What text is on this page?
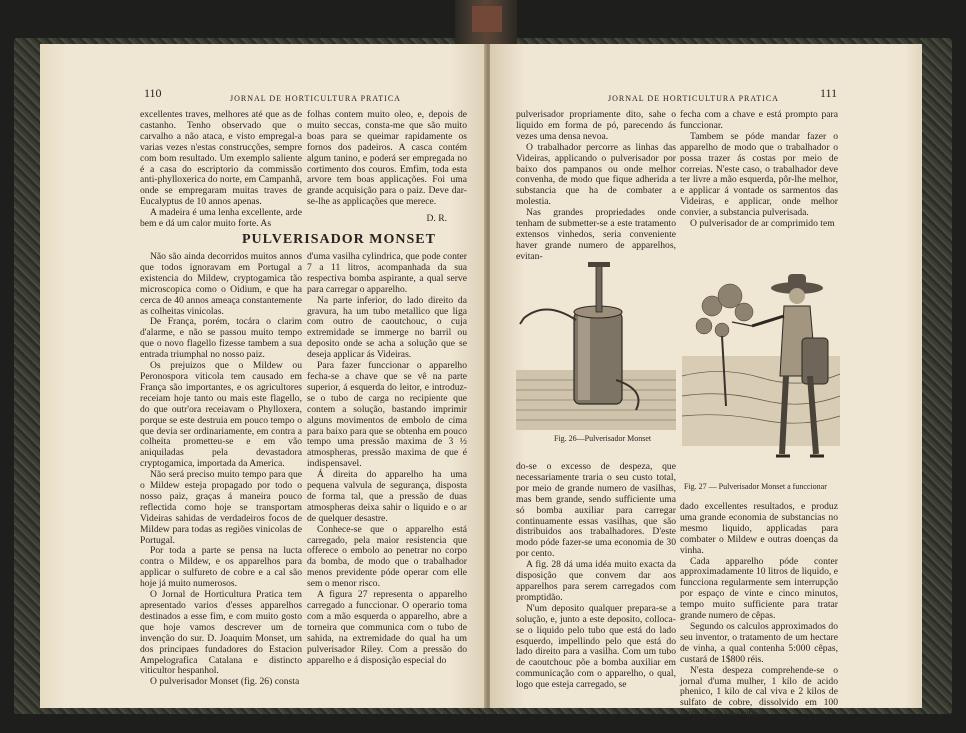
110	JORNAL DE HORTICULTURA PRATICA

excellentes traves, melhores até que as de castanho. Tenho observado que o carvalho a não ataca, e visto empregal-a varias vezes n'estas construcções, sempre com bom resultado. Um exemplo saliente é a casa do escriptorio da commissão anti-phylloxerica do norte, em Campanhã, onde se empregaram muitas traves de Eucalyptus de 10 annos apenas.

A madeira é uma lenha excellente, arde bem e dá um calor muito forte. As

folhas contem muito oleo, e, depois de muito seccas, consta-me que são muito boas para se queimar rapidamente os fornos dos padeiros. A casca contém algum tanino, e poderá ser empregada no cortimento dos couros. Emfim, toda esta arvore tem boas applicações. Foi uma grande acquisição para o paiz. Deve dar-se-lhe as applicações que merece.

D. R.

PULVERISADOR MONSET

Não são ainda decorridos muitos annos que todos ignoravam em Portugal a existencia do Mildew, cryptogamica tão microscopica como o Oidium, e que ha cerca de 40 annos ameaça constantemente as colheitas vinicolas.

De França, porém, tocára o clarim d'alarme, e não se passou muito tempo que o novo flagello fizesse tambem a sua entrada triumphal no nosso paiz.

Os prejuizos que o Mildew ou Peronospora viticola tem causado em França são importantes, e os agricultores receiam hoje tanto ou mais este flagello, do que outr'ora receiavam o Phylloxera, porque se este destruia em pouco tempo o que devia ser ordinariamente, em contra a colheita prometteu-se e em vão aniquiladas pela devastadora cryptogamica, importada da America.

Não será preciso muito tempo para que o Mildew esteja propagado por todo o nosso paiz, graças á maneira pouco reflectida como hoje se transportam Videiras sahidas de verdadeiros focos de Mildew para todas as regiões vinicolas de Portugal.

Por toda a parte se pensa na lucta contra o Mildew, e os apparelhos para applicar o sulfureto de cobre e a cal são hoje já muito numerosos.

O Jornal de Horticultura Pratica tem apresentado varios d'esses apparelhos destinados a esse fim, e com muito gosto que hoje vamos descrever um de invenção do sur. D. Joaquim Monset, um dos principaes fundadores do Estacion Ampelografica Catalana e distincto viticultor hespanhol.

O pulverisador Monset (fig. 26) consta

d'uma vasilha cylindrica, que pode conter 7 a 11 litros, acompanhada da sua respectiva bomba aspirante, a qual serve para carregar o apparelho.

Na parte inferior, do lado direito da gravura, ha um tubo metallico que liga com outro de caoutchouc, o cuja extremidade se immerge no barril ou deposito onde se acha a solução que se deseja applicar ás Videiras.

Para fazer funccionar o apparelho fecha-se a chave que se vê na parte superior, á esquerda do leitor, e introduz-se o tubo de carga no recipiente que contem a solução, bastando imprimir alguns movimentos de embolo de cima para baixo para que se obtenha em pouco tempo uma pressão maxima de 3 ½ atmospheras, pressão maxima de que é indispensavel.

Á direita do apparelho ha uma pequena valvula de segurança, disposta de forma tal, que a pressão de duas atmospheras deixa sahir o liquido e o ar de quelquer desastre.

Conhece-se que o apparelho está carregado, pela maior resistencia que offerece o embolo ao penetrar no corpo da bomba, de modo que o trabalhador menos previdente póde operar com elle sem o menor risco.

A figura 27 representa o apparelho carregado a funccionar. O operario toma com a mão esquerda o apparelho, abre a torneira que communica com o tubo de sahida, na extremidade do qual ha um pulverisador Riley. Com a pressão do apparelho e á disposição especial do

JORNAL DE HORTICULTURA PRATICA	111

pulverisador propriamente dito, sahe o liquido em forma de pó, parecendo ás vezes uma densa nevoa.

O trabalhador percorre as linhas das Videiras, applicando o pulverisador por baixo dos pampanos ou onde melhor convenha, de modo que fique adherida a substancia que ha de combater a molestia.

Nas grandes propriedades onde tenham de submetter-se a este tratamento extensos vinhedos, seria conveniente haver grande numero de apparelhos, evitan-

fecha com a chave e está prompto para funccionar.

Tambem se póde mandar fazer o apparelho de modo que o trabalhador o possa trazer ás costas por meio de correias. N'este caso, o trabalhador deve ter livre a mão esquerda, pôr-lhe melhor, e applicar á vontade os sarmentos das Videiras, e applicar, onde melhor convier, a substancia pulverisada.

O pulverisador de ar comprimido tem

Fig. 26—Pulverisador Monset
Fig. 27 — Pulverisador Monset a funccionar

do-se o excesso de despeza, que necessariamente traria o seu custo total, por meio de grande numero de vasilhas, mas bem grande, sendo sufficiente uma só bomba auxiliar para carregar continuamente essas vasilhas, que são distribuidos aos trabalhadores. D'este modo póde fazer-se uma economia de 30 por cento.

A fig. 28 dá uma idéa muito exacta da disposição que convem dar aos apparelhos para serem carregados com promptidão.

N'um deposito qualquer prepara-se a solução, e, junto a este deposito, colloca-se o liquido pelo tubo que está do lado esquerdo, impellindo pelo que está do lado direito para a vasilha. Com um tubo de caoutchouc põe a bomba auxiliar em communicação com o apparelho, o qual, logo que esteja carregado, se

dado excellentes resultados, e produz uma grande economia de substancias no mesmo liquido, applicadas para combater o Mildew e outras doenças da vinha.

Cada apparelho póde conter approximadamente 10 litros de liquido, e funcciona regularmente sem interrupção por espaço de vinte e cinco minutos, tempo muito sufficiente para tratar grande numero de cêpas.

Segundo os calculos approximados do seu inventor, o tratamento de um hectare de vinha, a qual contenha 5:000 cêpas, custará de 1$800 réis.

N'esta despeza comprehende-se o jornal d'uma mulher, 1 kilo de acido phenico, 1 kilo de cal viva e 2 kilos de sulfato de cobre, dissolvido em 100 litros d'agua de sabão.
